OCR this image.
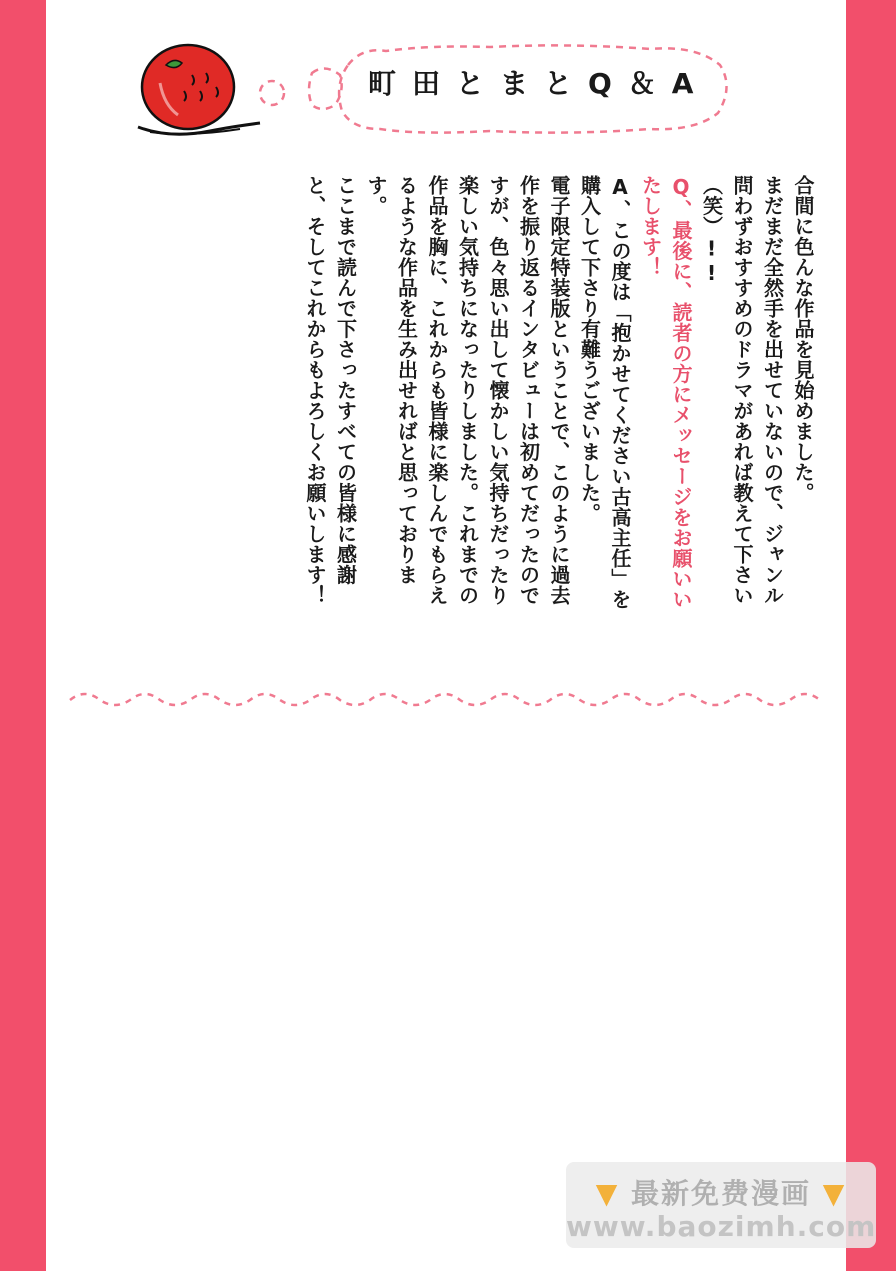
町田とまとQ＆A
合間に色んな作品を見始めました。
まだまだ全然手を出せていないので、ジャンル
問わずおすすめのドラマがあれば教えて下さい
（笑）!!
Q、最後に、読者の方にメッセージをお願いい
たします！
A、この度は「抱かせてください古高主任」を
購入して下さり有難うございました。
電子限定特装版ということで、このように過去
作を振り返るインタビューは初めてだったので
すが、色々思い出して懐かしい気持ちだったり
楽しい気持ちになったりしました。これまでの
作品を胸に、これからも皆様に楽しんでもらえ
るような作品を生み出せればと思っておりま
す。
ここまで読んで下さったすべての皆様に感謝
と、そしてこれからもよろしくお願いします！
▼ 最新免费漫画 ▼
www.baozimh.com
